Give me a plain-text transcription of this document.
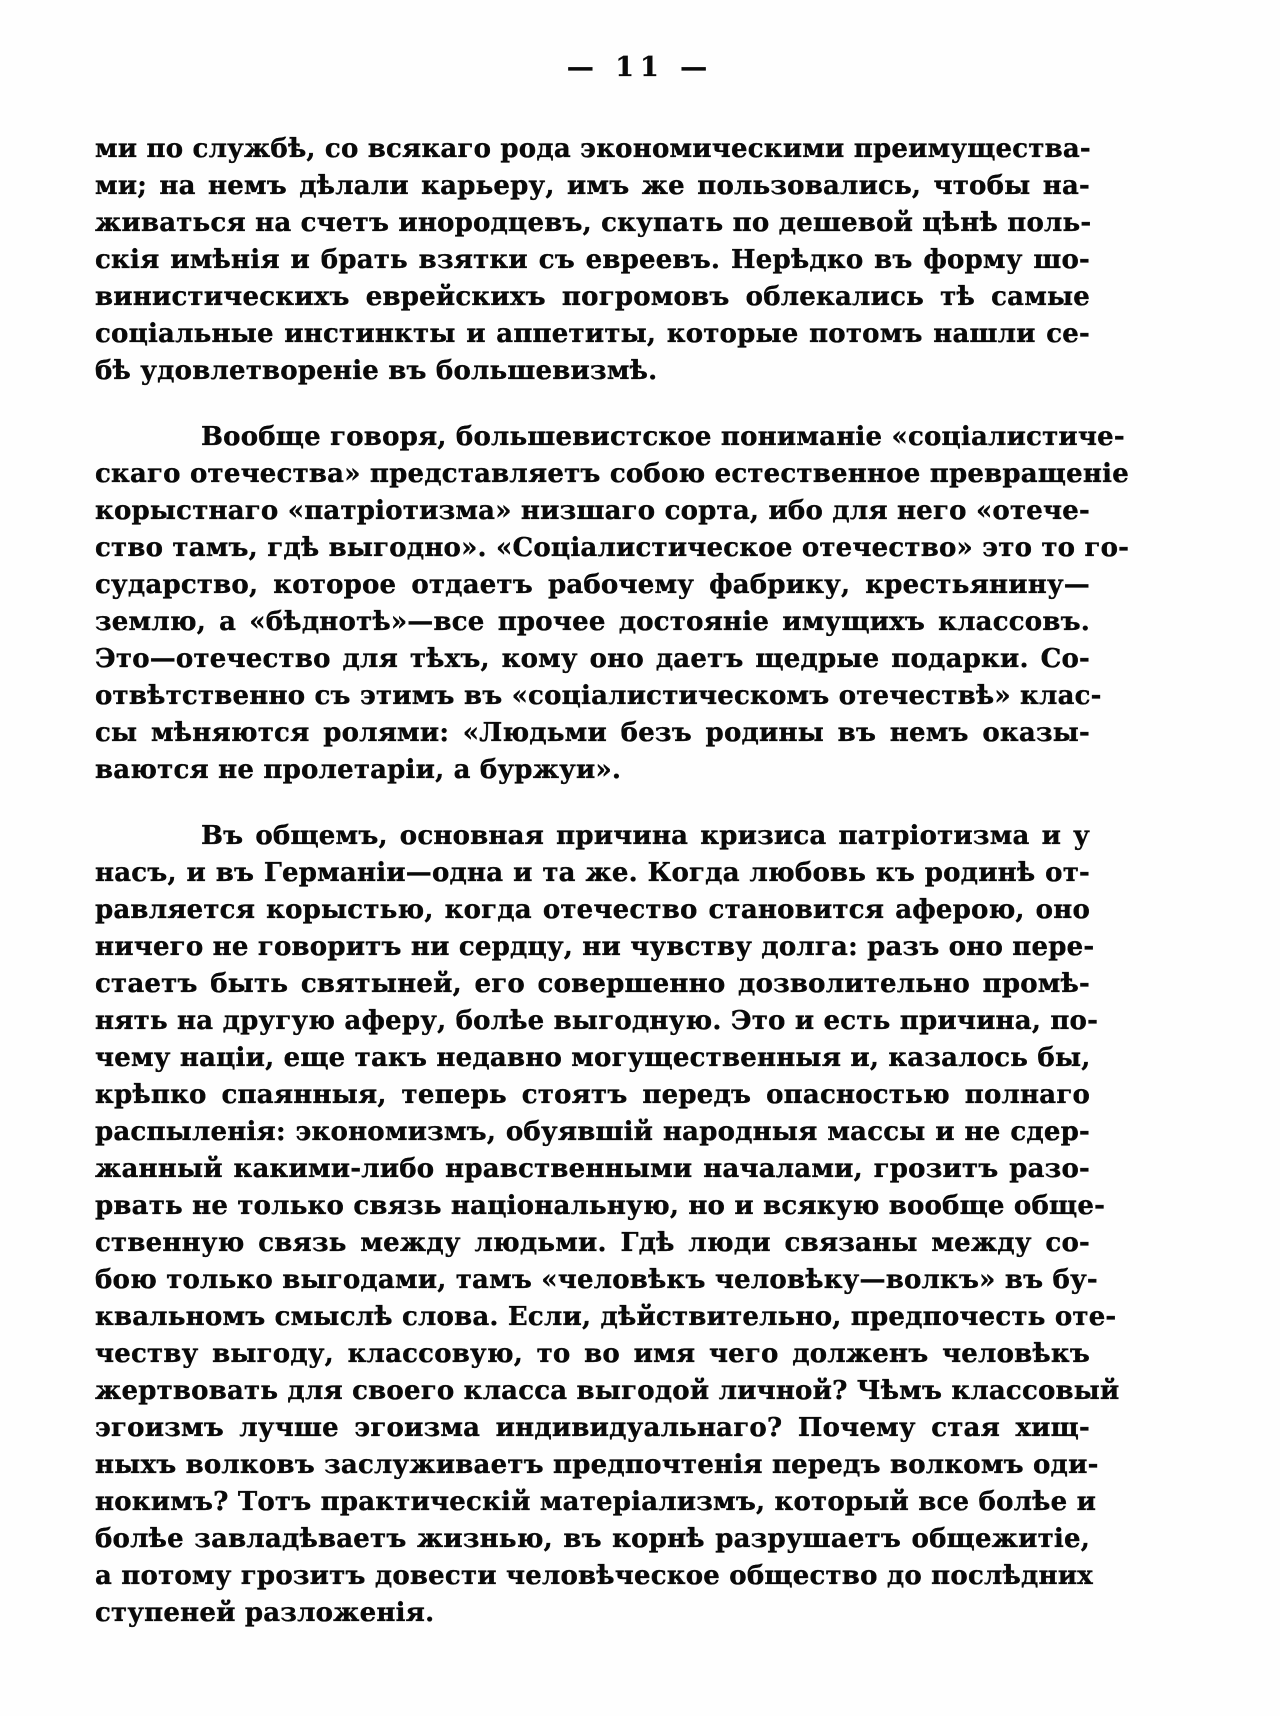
— 11 —
ми по службѣ, со всякаго рода экономическими преимущества-
ми; на немъ дѣлали карьеру, имъ же пользовались, чтобы на-
живаться на счетъ инородцевъ, скупать по дешевой цѣнѣ поль-
скія имѣнія и брать взятки съ евреевъ. Нерѣдко въ форму шо-
винистическихъ еврейскихъ погромовъ облекались тѣ самые
соціальные инстинкты и аппетиты, которые потомъ нашли се-
бѣ удовлетвореніе въ большевизмѣ.
Вообще говоря, большевистское пониманіе «соціалистиче-
скаго отечества» представляетъ собою естественное превращеніе
корыстнаго «патріотизма» низшаго сорта, ибо для него «отече-
ство тамъ, гдѣ выгодно». «Соціалистическое отечество» это то го-
сударство, которое отдаетъ рабочему фабрику, крестьянину—
землю, а «бѣднотѣ»—все прочее достояніе имущихъ классовъ.
Это—отечество для тѣхъ, кому оно даетъ щедрые подарки. Со-
отвѣтственно съ этимъ въ «соціалистическомъ отечествѣ» клас-
сы мѣняются ролями: «Людьми безъ родины въ немъ оказы-
ваются не пролетаріи, а буржуи».
Въ общемъ, основная причина кризиса патріотизма и у
насъ, и въ Германіи—одна и та же. Когда любовь къ родинѣ от-
равляется корыстью, когда отечество становится аферою, оно
ничего не говоритъ ни сердцу, ни чувству долга: разъ оно пере-
стаетъ быть святыней, его совершенно дозволительно промѣ-
нять на другую аферу, болѣе выгодную. Это и есть причина, по-
чему націи, еще такъ недавно могущественныя и, казалось бы,
крѣпко спаянныя, теперь стоятъ передъ опасностью полнаго
распыленія: экономизмъ, обуявшій народныя массы и не сдер-
жанный какими-либо нравственными началами, грозитъ разо-
рвать не только связь національную, но и всякую вообще обще-
ственную связь между людьми. Гдѣ люди связаны между со-
бою только выгодами, тамъ «человѣкъ человѣку—волкъ» въ бу-
квальномъ смыслѣ слова. Если, дѣйствительно, предпочесть оте-
честву выгоду, классовую, то во имя чего долженъ человѣкъ
жертвовать для своего класса выгодой личной? Чѣмъ классовый
эгоизмъ лучше эгоизма индивидуальнаго? Почему стая хищ-
ныхъ волковъ заслуживаетъ предпочтенія передъ волкомъ оди-
нокимъ? Тотъ практическій матеріализмъ, который все болѣе и
болѣе завладѣваетъ жизнью, въ корнѣ разрушаетъ общежитіе,
а потому грозитъ довести человѣческое общество до послѣдних
ступеней разложенія.
